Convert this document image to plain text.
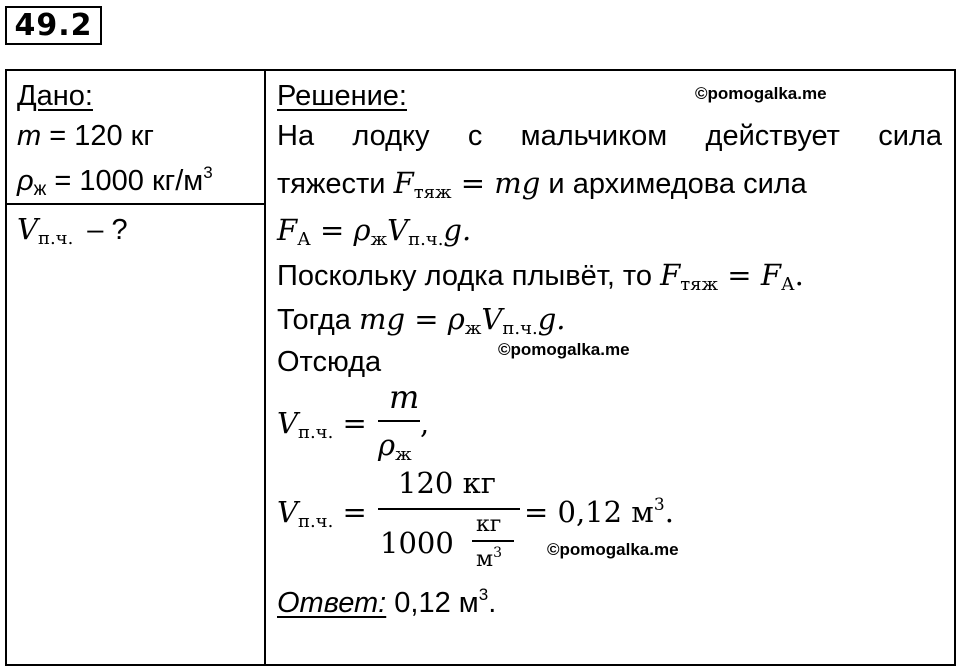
49.2
Дано:
m = 120 кг
ρж = 1000 $кг/м^3$
$V_{п.ч.}$ – ?
Решение:
На лодку с мальчиком действует сила
тяжести $F_{тяж}$ = mg и архимедова сила
$F_А = \rho_жV_{п.ч.}g$.
Поскольку лодка плывёт, то $F_{тяж} = F_А$.
Тогда mg = $\rho_жV_{п.ч.}g$.
Отсюда
$V_{п.ч.}$ =
m
$\rho_ж$
,
$V_{п.ч.}$ =
120 кг
1000
кг
$м^3$
= 0,12 $м^3$.
Ответ: 0,12 $м^3$.
©pomogalka.me
©pomogalka.me
©pomogalka.me
